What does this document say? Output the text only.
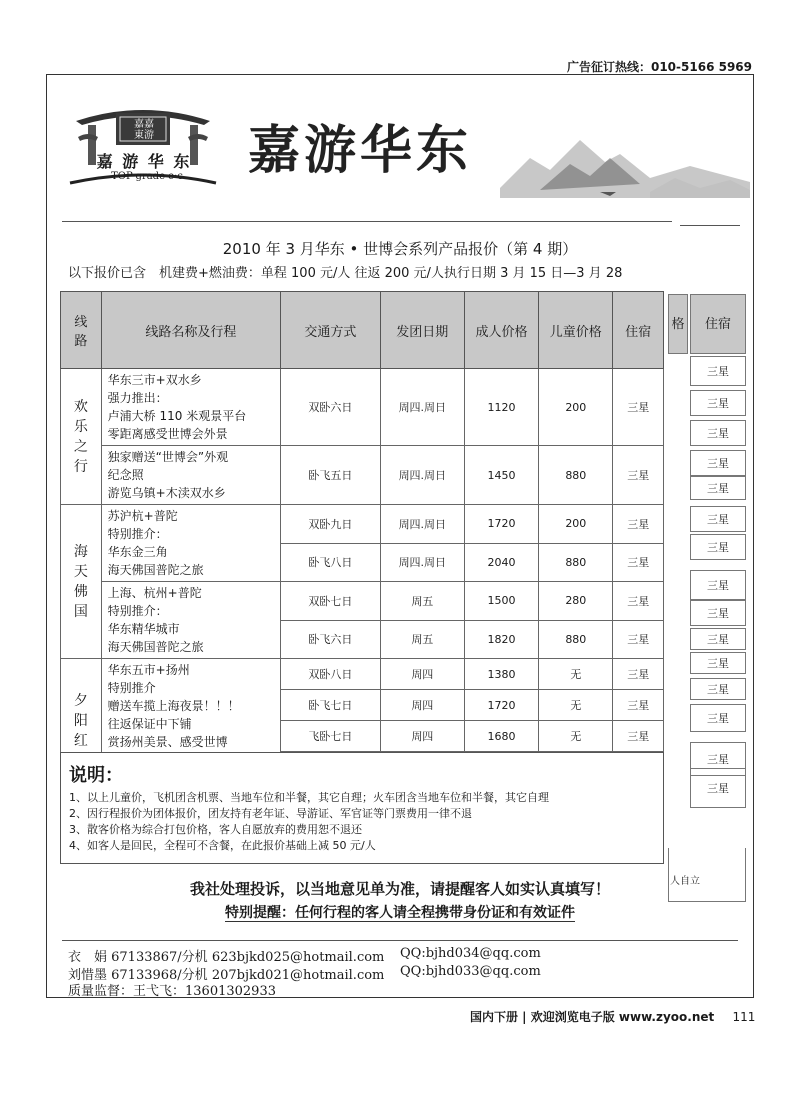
广告征订热线：010-5166 5969
嘉嘉
東游
嘉 游 华 东
TOP-grade e·c	嘉游华东
2010 年 3 月华东 • 世博会系列产品报价（第 4 期）
以下报价已含　机建费+燃油费：单程 100 元/人 往返 200 元/人执行日期 3 月 15 日—3 月 28
格	住宿
三星
三星
三星
三星
三星
三星
三星
三星
三星
三星
三星
三星
三星
三星
三星
人自立
线路	线路名称及行程	交通方式	发团日期	成人价格	儿童价格	住宿
欢乐之行	华东三市+双水乡
强力推出：
卢浦大桥 110 米观景平台
零距离感受世博会外景	双卧六日	周四.周日	1120	200	三星

	独家赠送“世博会”外观
纪念照
游览乌镇+木渎双水乡	卧飞五日	周四.周日	1450	880	三星
海天佛国	苏沪杭+普陀
特别推介：
华东金三角
海天佛国普陀之旅	双卧九日	周四.周日	1720	200	三星
		卧飞八日	周四.周日	2040	880	三星

	上海、杭州+普陀
特别推介：
华东精华城市
海天佛国普陀之旅	双卧七日	周五	1500	280	三星
		卧飞六日	周五	1820	880	三星
夕阳红	华东五市+扬州
特别推介
赠送车揽上海夜景！！！
往返保证中下铺
赏扬州美景、感受世博	双卧八日	周四	1380	无	三星
		卧飞七日	周四	1720	无	三星
		飞卧七日	周四	1680	无	三星

说明：
1、以上儿童价，飞机团含机票、当地车位和半餐，其它自理；火车团含当地车位和半餐，其它自理
2、因行程报价为团体报价，团友持有老年证、导游证、军官证等门票费用一律不退
3、散客价格为综合打包价格，客人自愿放弃的费用恕不退还
4、如客人是回民，全程可不含餐，在此报价基础上减 50 元/人
我社处理投诉，以当地意见单为准，请提醒客人如实认真填写！
特别提醒：任何行程的客人请全程携带身份证和有效证件
衣　娟 67133867/分机 623bjkd025@hotmail.com QQ:bjhd034@qq.com
刘惜墨 67133968/分机 207bjkd021@hotmail.com QQ:bjhd033@qq.com
质量监督：王弋飞：13601302933
国内下册 | 欢迎浏览电子版 www.zyoo.net 111
